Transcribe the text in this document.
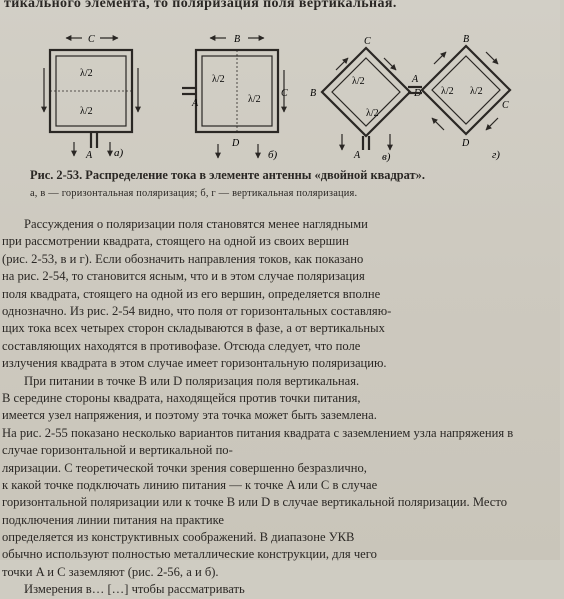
тикального элемента, то поляризация поля вертикальная.
λ/2
λ/2
C
A а)
λ/2
λ/2
B
A
C
D
б)
λ/2
λ/2
C
B	D
A в)
λ/2 λ/2
B
A
C
D
г)
Рис. 2-53. Распределение тока в элементе антенны «двойной квадрат».
а, в — горизонтальная поляризация; б, г — вертикальная поляризация.
Рассуждения о поляризации поля становятся менее наглядными
при рассмотрении квадрата, стоящего на одной из своих вершин
(рис. 2-53, в и г). Если обозначить направления токов, как показано
на рис. 2-54, то становится ясным, что и в этом случае поляризация
поля квадрата, стоящего на одной из его вершин, определяется вполне
однозначно. Из рис. 2-54 видно, что поля от горизонтальных составляю-
щих тока всех четырех сторон складываются в фазе, а от вертикальных
составляющих находятся в противофазе. Отсюда следует, что поле
излучения квадрата в этом случае имеет горизонтальную поляризацию.
При питании в точке B или D поляризация поля вертикальная.
В середине стороны квадрата, находящейся против точки питания,
имеется узел напряжения, и поэтому эта точка может быть заземлена.
На рис. 2-55 показано несколько вариантов питания квадрата с заземлением узла напряжения в случае горизонтальной и вертикальной по-
ляризации. С теоретической точки зрения совершенно безразлично,
к какой точке подключать линию питания — к точке A или C в случае
горизонтальной поляризации или к точке B или D в случае вертикальной поляризации. Место подключения линии питания на практике
определяется из конструктивных соображений. В диапазоне УКВ
обычно используют полностью металлические конструкции, для чего
точки A и C заземляют (рис. 2-56, а и б).
Измерения в… […] чтобы рассматривать
